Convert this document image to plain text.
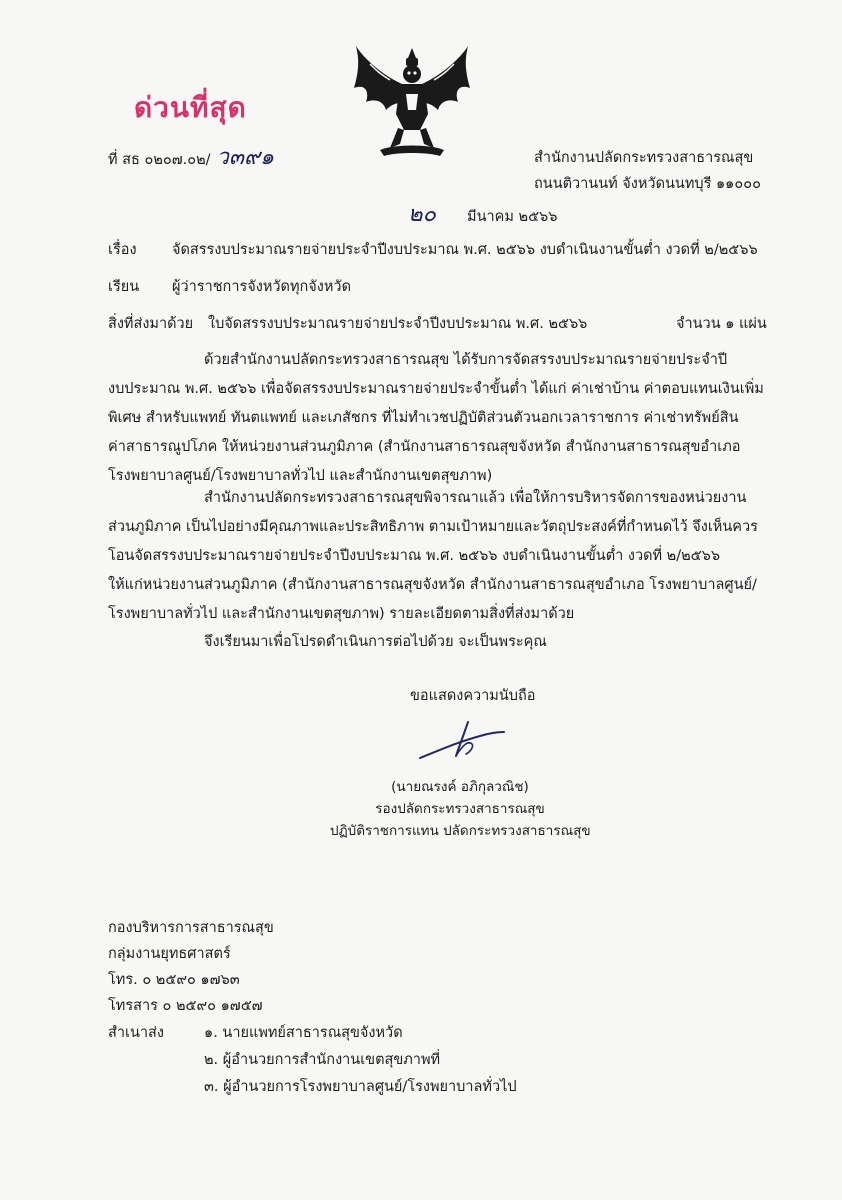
ด่วนที่สุด
ที่ สธ ๐๒๐๗.๐๒/ ว๓๙๑	สำนักงานปลัดกระทรวงสาธารณสุข
ถนนติวานนท์ จังหวัดนนทบุรี ๑๑๐๐๐
๒๐ มีนาคม ๒๕๖๖
เรื่อง จัดสรรงบประมาณรายจ่ายประจำปีงบประมาณ พ.ศ. ๒๕๖๖ งบดำเนินงานขั้นต่ำ งวดที่ ๒/๒๕๖๖
เรียน ผู้ว่าราชการจังหวัดทุกจังหวัด
สิ่งที่ส่งมาด้วย ใบจัดสรรงบประมาณรายจ่ายประจำปีงบประมาณ พ.ศ. ๒๕๖๖	จำนวน ๑ แผ่น
ด้วยสำนักงานปลัดกระทรวงสาธารณสุข ได้รับการจัดสรรงบประมาณรายจ่ายประจำปี
งบประมาณ พ.ศ. ๒๕๖๖ เพื่อจัดสรรงบประมาณรายจ่ายประจำขั้นต่ำ ได้แก่ ค่าเช่าบ้าน ค่าตอบแทนเงินเพิ่ม
พิเศษ สำหรับแพทย์ ทันตแพทย์ และเภสัชกร ที่ไม่ทำเวชปฏิบัติส่วนตัวนอกเวลาราชการ ค่าเช่าทรัพย์สิน
ค่าสาธารณูปโภค ให้หน่วยงานส่วนภูมิภาค (สำนักงานสาธารณสุขจังหวัด สำนักงานสาธารณสุขอำเภอ
โรงพยาบาลศูนย์/โรงพยาบาลทั่วไป และสำนักงานเขตสุขภาพ)
สำนักงานปลัดกระทรวงสาธารณสุขพิจารณาแล้ว เพื่อให้การบริหารจัดการของหน่วยงาน
ส่วนภูมิภาค เป็นไปอย่างมีคุณภาพและประสิทธิภาพ ตามเป้าหมายและวัตถุประสงค์ที่กำหนดไว้ จึงเห็นควร
โอนจัดสรรงบประมาณรายจ่ายประจำปีงบประมาณ พ.ศ. ๒๕๖๖ งบดำเนินงานขั้นต่ำ งวดที่ ๒/๒๕๖๖
ให้แก่หน่วยงานส่วนภูมิภาค (สำนักงานสาธารณสุขจังหวัด สำนักงานสาธารณสุขอำเภอ โรงพยาบาลศูนย์/
โรงพยาบาลทั่วไป และสำนักงานเขตสุขภาพ) รายละเอียดตามสิ่งที่ส่งมาด้วย
จึงเรียนมาเพื่อโปรดดำเนินการต่อไปด้วย จะเป็นพระคุณ
ขอแสดงความนับถือ
(นายณรงค์ อภิกุลวณิช)
รองปลัดกระทรวงสาธารณสุข
ปฏิบัติราชการแทน ปลัดกระทรวงสาธารณสุข
กองบริหารการสาธารณสุข
กลุ่มงานยุทธศาสตร์
โทร. ๐ ๒๕๙๐ ๑๗๖๓
โทรสาร ๐ ๒๕๙๐ ๑๗๕๗
สำเนาส่ง	๑. นายแพทย์สาธารณสุขจังหวัด
๒. ผู้อำนวยการสำนักงานเขตสุขภาพที่
๓. ผู้อำนวยการโรงพยาบาลศูนย์/โรงพยาบาลทั่วไป
